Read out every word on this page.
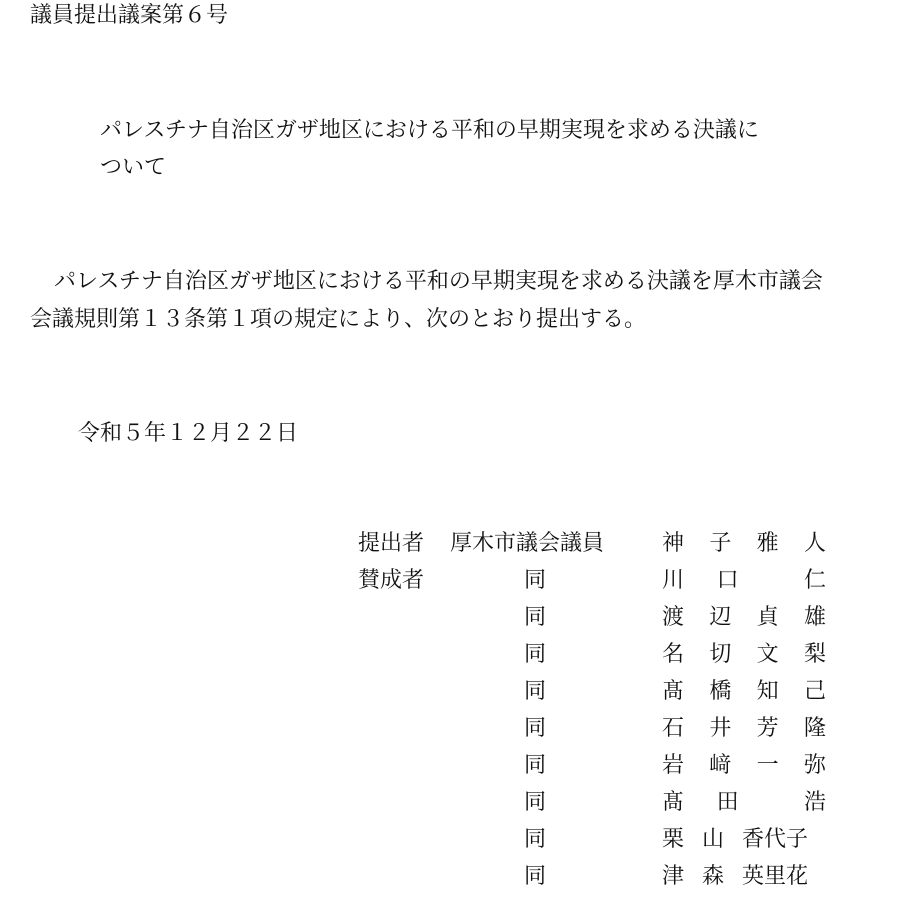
議員提出議案第６号
パレスチナ自治区ガザ地区における平和の早期実現を求める決議に
ついて
パレスチナ自治区ガザ地区における平和の早期実現を求める決議を厚木市議会
会議規則第１３条第１項の規定により、次のとおり提出する。
令和５年１２月２２日
提出者 厚木市議会議員	神 子 雅 人
賛成者	同	川 口	仁
同	渡 辺 貞 雄
同	名 切 文 梨
同	髙 橋 知 己
同	石 井 芳 隆
同	岩 﨑 一 弥
同	髙 田	浩
同	栗 山 香代子
同	津 森 英里花
